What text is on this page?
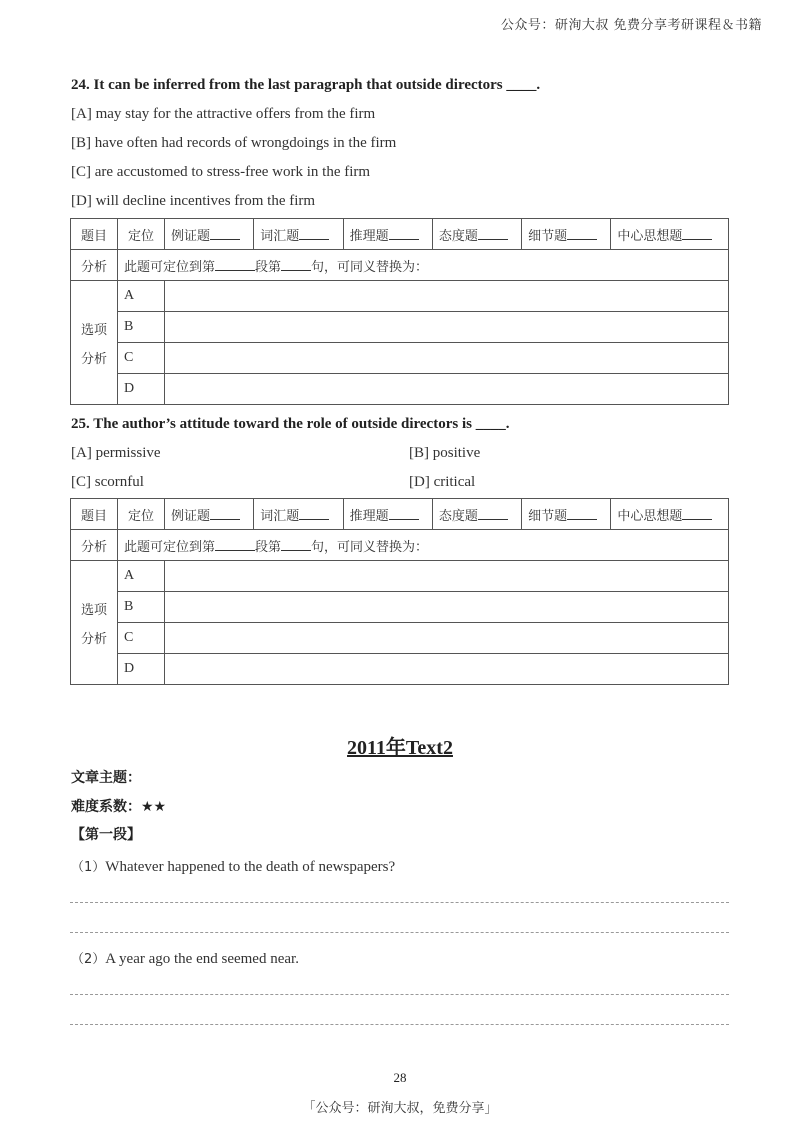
公众号：研洵大叔 免费分享考研课程＆书籍
24. It can be inferred from the last paragraph that outside directors ____.
[A] may stay for the attractive offers from the firm
[B] have often had records of wrongdoings in the firm
[C] are accustomed to stress-free work in the firm
[D] will decline incentives from the firm
题目	定位	例证题	词汇题	推理题	态度题	细节题	中心思想题
分析	此题可定位到第 段第 句，可同义替换为：						

选项
分析	A						
	B						
	C						
	D						
25. The author’s attitude toward the role of outside directors is ____.
[A] permissive	[B] positive
[C] scornful	[D] critical
题目	定位	例证题	词汇题	推理题	态度题	细节题	中心思想题
分析	此题可定位到第 段第 句，可同义替换为：						

选项
分析	A						
	B						
	C						
	D						
2011年Text2
文章主题：
难度系数：★★
【第一段】
（1）Whatever happened to the death of newspapers?
（2）A year ago the end seemed near.
28
「公众号：研洵大叔，免费分享」
